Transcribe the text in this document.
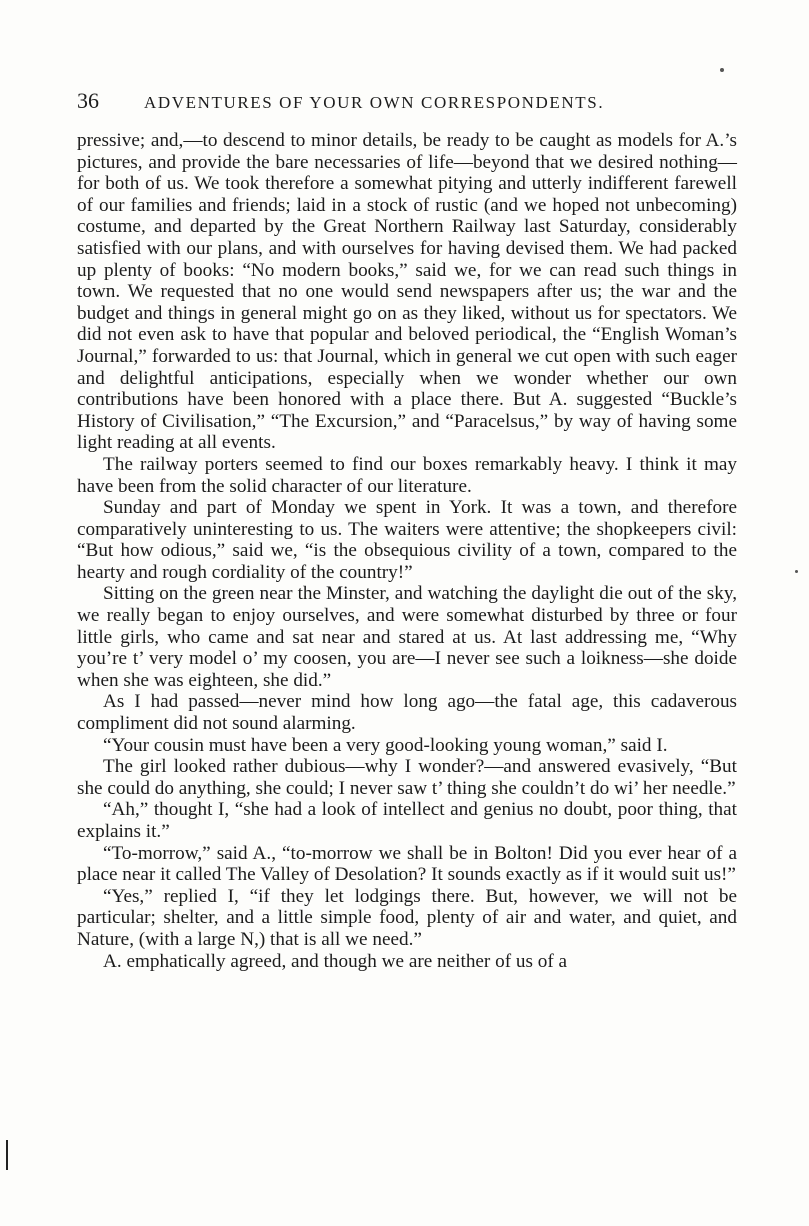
36	ADVENTURES OF YOUR OWN CORRESPONDENTS.

pressive; and,—to descend to minor details, be ready to be caught as models for A.’s pictures, and provide the bare necessaries of life—beyond that we desired nothing—for both of us. We took therefore a somewhat pitying and utterly indifferent farewell of our families and friends; laid in a stock of rustic (and we hoped not unbecoming) costume, and departed by the Great Northern Railway last Saturday, considerably satisfied with our plans, and with ourselves for having devised them. We had packed up plenty of books: “No modern books,” said we, for we can read such things in town. We requested that no one would send newspapers after us; the war and the budget and things in general might go on as they liked, without us for spectators. We did not even ask to have that popular and beloved periodical, the “English Woman’s Journal,” forwarded to us: that Journal, which in general we cut open with such eager and delightful anticipations, especially when we wonder whether our own contributions have been honored with a place there. But A. suggested “Buckle’s History of Civilisation,” “The Excursion,” and “Paracelsus,” by way of having some light reading at all events.

The railway porters seemed to find our boxes remarkably heavy. I think it may have been from the solid character of our literature.

Sunday and part of Monday we spent in York. It was a town, and therefore comparatively uninteresting to us. The waiters were attentive; the shopkeepers civil: “But how odious,” said we, “is the obsequious civility of a town, compared to the hearty and rough cordiality of the country!”

Sitting on the green near the Minster, and watching the daylight die out of the sky, we really began to enjoy ourselves, and were somewhat disturbed by three or four little girls, who came and sat near and stared at us. At last addressing me, “Why you’re t’ very model o’ my coosen, you are—I never see such a loikness—she doide when she was eighteen, she did.”

As I had passed—never mind how long ago—the fatal age, this cadaverous compliment did not sound alarming.

“Your cousin must have been a very good-looking young woman,” said I.

The girl looked rather dubious—why I wonder?—and answered evasively, “But she could do anything, she could; I never saw t’ thing she couldn’t do wi’ her needle.”

“Ah,” thought I, “she had a look of intellect and genius no doubt, poor thing, that explains it.”

“To-morrow,” said A., “to-morrow we shall be in Bolton! Did you ever hear of a place near it called The Valley of Desolation? It sounds exactly as if it would suit us!”

“Yes,” replied I, “if they let lodgings there. But, however, we will not be particular; shelter, and a little simple food, plenty of air and water, and quiet, and Nature, (with a large N,) that is all we need.”

A. emphatically agreed, and though we are neither of us of a
